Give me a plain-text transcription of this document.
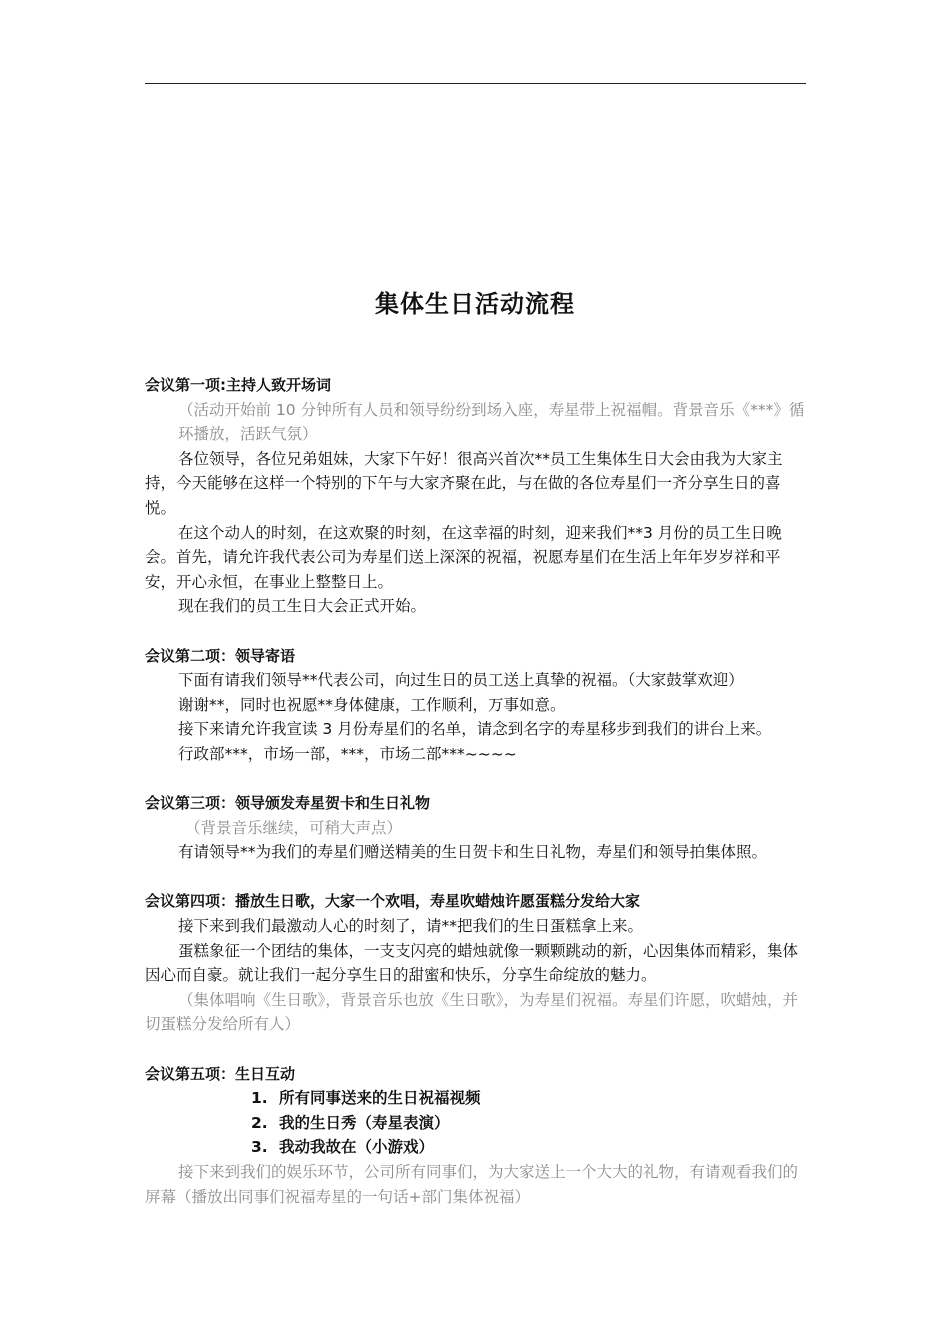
集体生日活动流程

会议第一项:主持人致开场词

（活动开始前 10 分钟所有人员和领导纷纷到场入座，寿星带上祝福帽。背景音乐《***》循环播放，活跃气氛）

各位领导，各位兄弟姐妹，大家下午好！很高兴首次**员工生集体生日大会由我为大家主持，今天能够在这样一个特别的下午与大家齐聚在此，与在做的各位寿星们一齐分享生日的喜悦。

在这个动人的时刻，在这欢聚的时刻，在这幸福的时刻，迎来我们**3 月份的员工生日晚会。首先，请允许我代表公司为寿星们送上深深的祝福，祝愿寿星们在生活上年年岁岁祥和平安，开心永恒，在事业上整整日上。

现在我们的员工生日大会正式开始。

会议第二项：领导寄语

下面有请我们领导**代表公司，向过生日的员工送上真挚的祝福。（大家鼓掌欢迎）

谢谢**，同时也祝愿**身体健康，工作顺利，万事如意。

接下来请允许我宣读 3 月份寿星们的名单，请念到名字的寿星移步到我们的讲台上来。

行政部***，市场一部，***，市场二部***~~~~

会议第三项：领导颁发寿星贺卡和生日礼物

（背景音乐继续，可稍大声点）

有请领导**为我们的寿星们赠送精美的生日贺卡和生日礼物，寿星们和领导拍集体照。

会议第四项：播放生日歌，大家一个欢唱，寿星吹蜡烛许愿蛋糕分发给大家

接下来到我们最激动人心的时刻了，请**把我们的生日蛋糕拿上来。

蛋糕象征一个团结的集体，一支支闪亮的蜡烛就像一颗颗跳动的新，心因集体而精彩，集体因心而自豪。就让我们一起分享生日的甜蜜和快乐，分享生命绽放的魅力。

（集体唱响《生日歌》，背景音乐也放《生日歌》，为寿星们祝福。寿星们许愿，吹蜡烛，并切蛋糕分发给所有人）

会议第五项：生日互动

1. 所有同事送来的生日祝福视频

2. 我的生日秀（寿星表演）

3. 我动我故在（小游戏）

接下来到我们的娱乐环节，公司所有同事们，为大家送上一个大大的礼物，有请观看我们的屏幕（播放出同事们祝福寿星的一句话+部门集体祝福）
